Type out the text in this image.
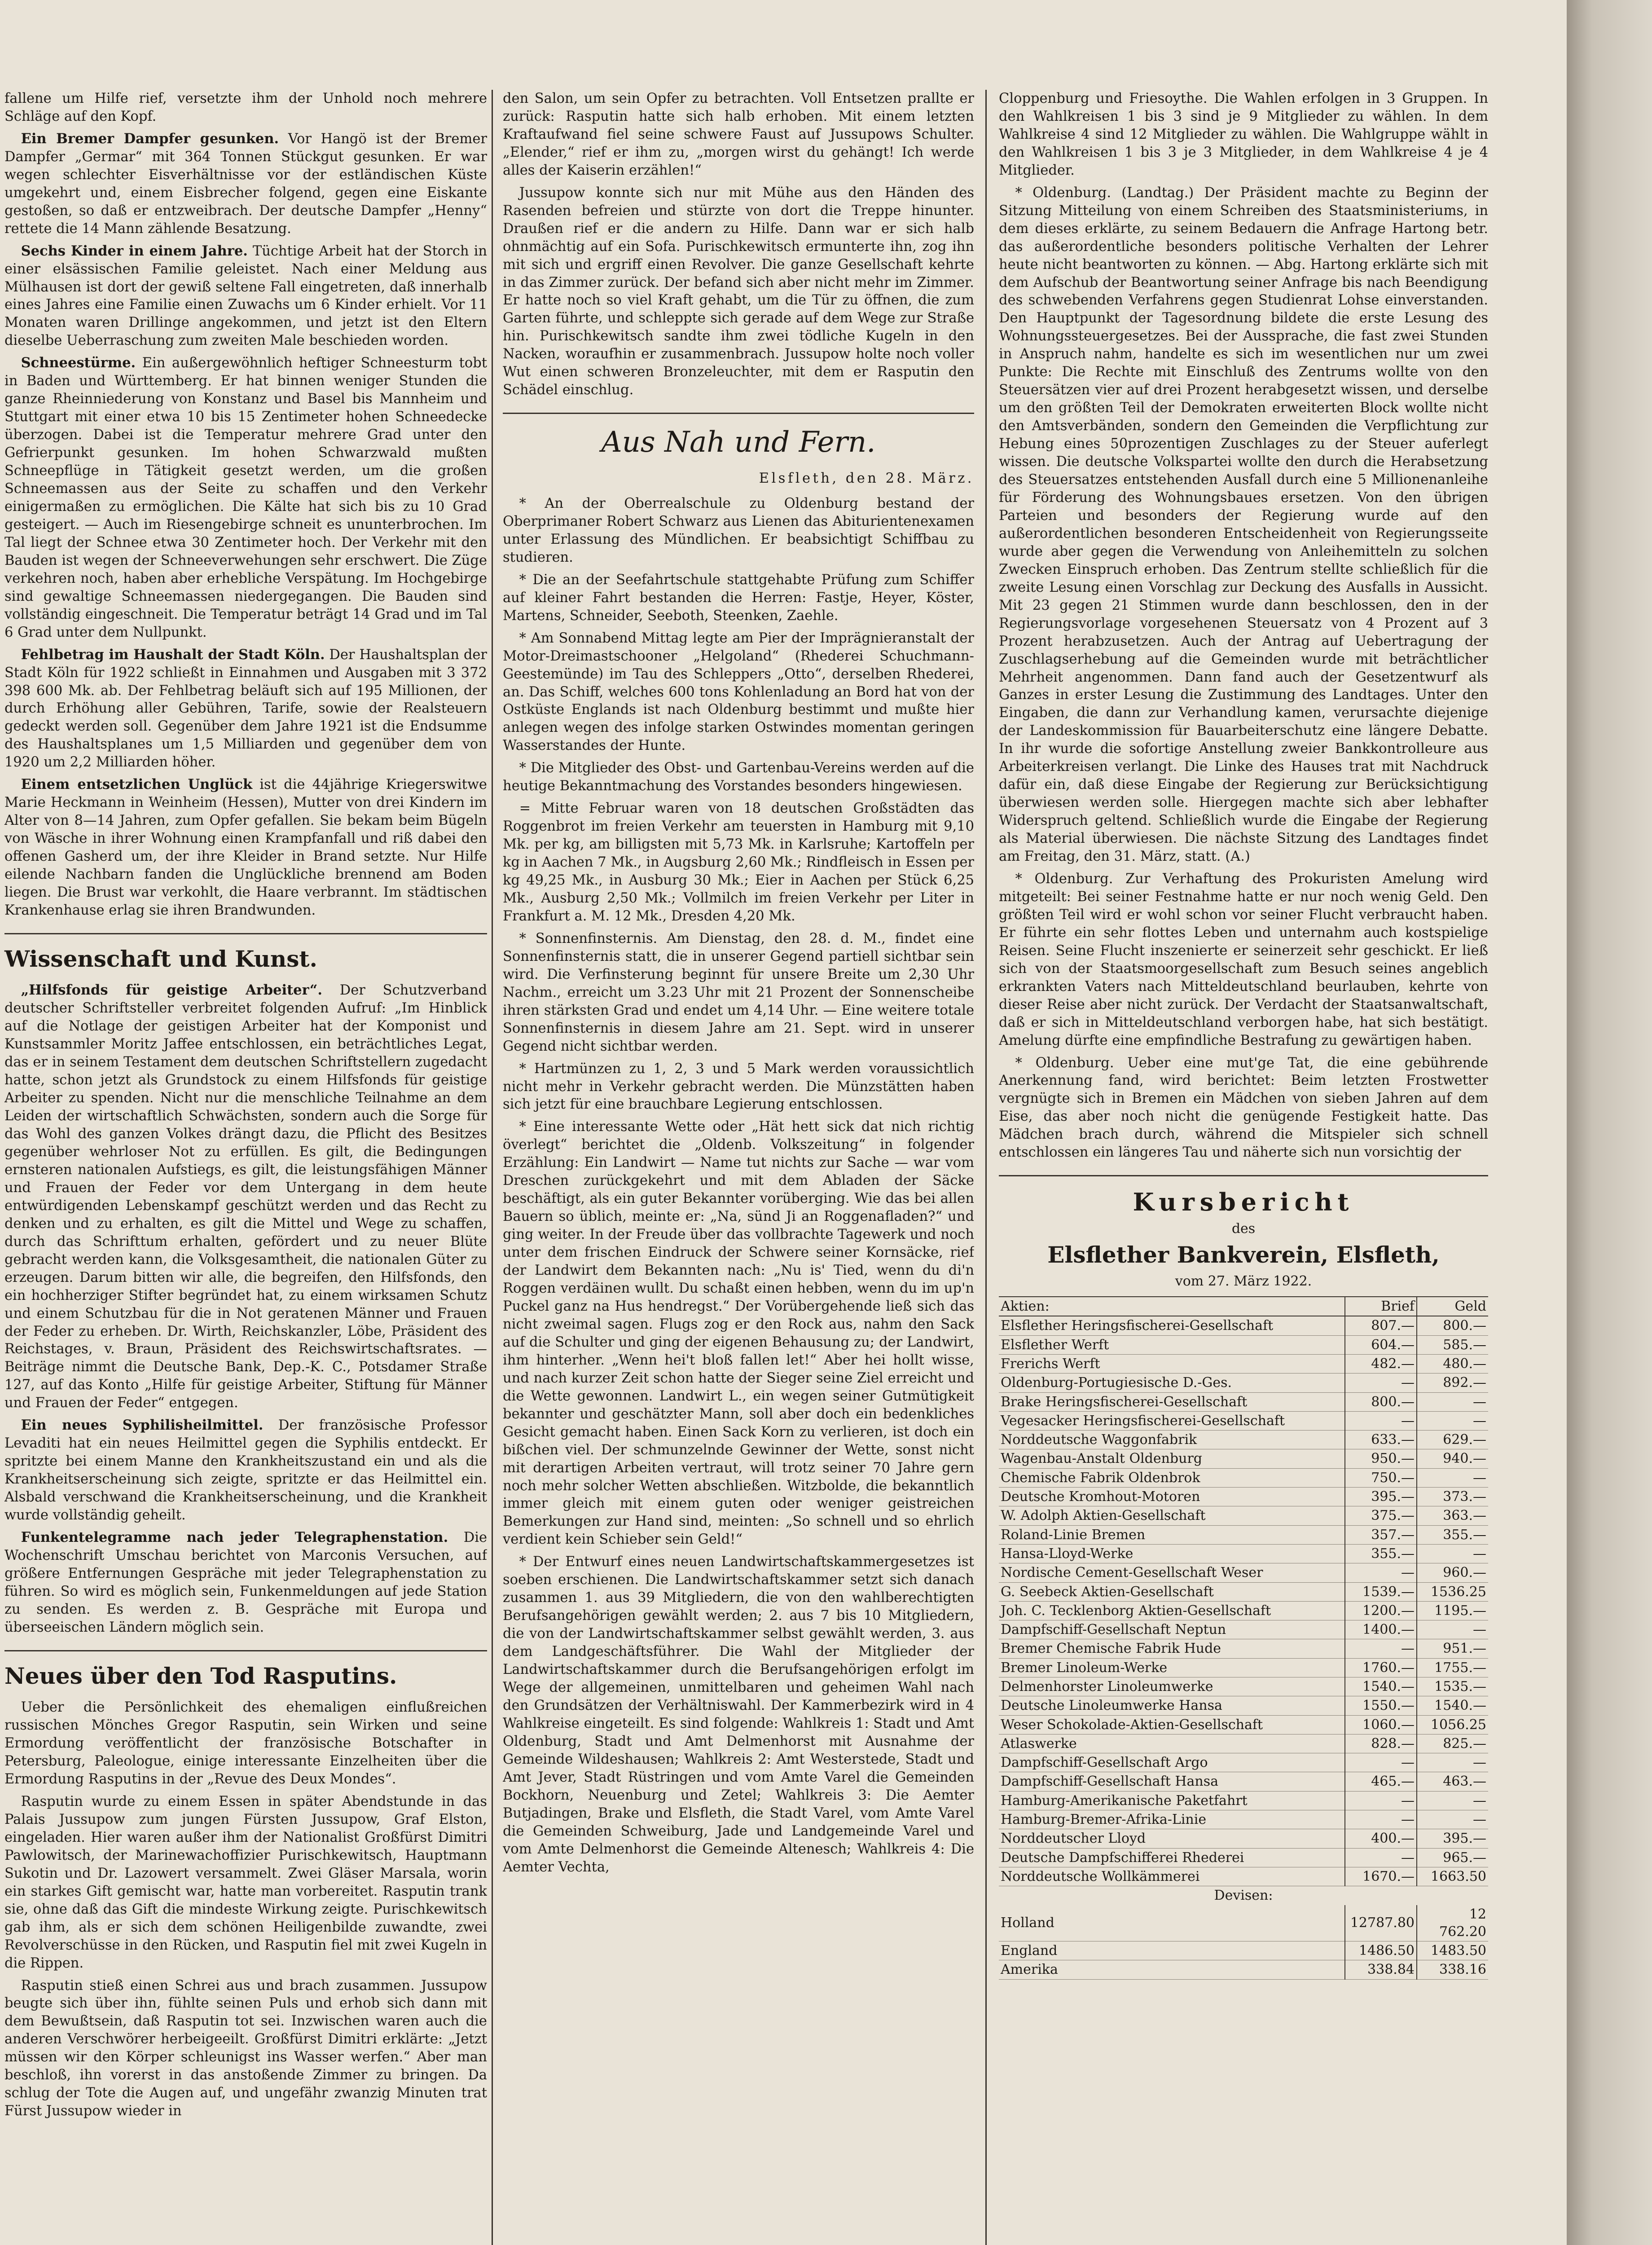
fallene um Hilfe rief, versetzte ihm der Unhold noch mehrere Schläge auf den Kopf.

Ein Bremer Dampfer gesunken. Vor Hangö ist der Bremer Dampfer „Germar“ mit 364 Tonnen Stückgut gesunken. Er war wegen schlechter Eisverhältnisse vor der estländischen Küste umgekehrt und, einem Eisbrecher folgend, gegen eine Eiskante gestoßen, so daß er entzweibrach. Der deutsche Dampfer „Henny“ rettete die 14 Mann zählende Besatzung.

Sechs Kinder in einem Jahre. Tüchtige Arbeit hat der Storch in einer elsässischen Familie geleistet. Nach einer Meldung aus Mülhausen ist dort der gewiß seltene Fall eingetreten, daß innerhalb eines Jahres eine Familie einen Zuwachs um 6 Kinder erhielt. Vor 11 Monaten waren Drillinge angekommen, und jetzt ist den Eltern dieselbe Ueberraschung zum zweiten Male beschieden worden.

Schneestürme. Ein außergewöhnlich heftiger Schneesturm tobt in Baden und Württemberg. Er hat binnen weniger Stunden die ganze Rheinniederung von Konstanz und Basel bis Mannheim und Stuttgart mit einer etwa 10 bis 15 Zentimeter hohen Schneedecke überzogen. Dabei ist die Temperatur mehrere Grad unter den Gefrierpunkt gesunken. Im hohen Schwarzwald mußten Schneepflüge in Tätigkeit gesetzt werden, um die großen Schneemassen aus der Seite zu schaffen und den Verkehr einigermaßen zu ermöglichen. Die Kälte hat sich bis zu 10 Grad gesteigert. — Auch im Riesengebirge schneit es ununterbrochen. Im Tal liegt der Schnee etwa 30 Zentimeter hoch. Der Verkehr mit den Bauden ist wegen der Schneeverwehungen sehr erschwert. Die Züge verkehren noch, haben aber erhebliche Verspätung. Im Hochgebirge sind gewaltige Schneemassen niedergegangen. Die Bauden sind vollständig eingeschneit. Die Temperatur beträgt 14 Grad und im Tal 6 Grad unter dem Nullpunkt.

Fehlbetrag im Haushalt der Stadt Köln. Der Haushaltsplan der Stadt Köln für 1922 schließt in Einnahmen und Ausgaben mit 3 372 398 600 Mk. ab. Der Fehlbetrag beläuft sich auf 195 Millionen, der durch Erhöhung aller Gebühren, Tarife, sowie der Realsteuern gedeckt werden soll. Gegenüber dem Jahre 1921 ist die Endsumme des Haushaltsplanes um 1,5 Milliarden und gegenüber dem von 1920 um 2,2 Milliarden höher.

Einem entsetzlichen Unglück ist die 44jährige Kriegerswitwe Marie Heckmann in Weinheim (Hessen), Mutter von drei Kindern im Alter von 8—14 Jahren, zum Opfer gefallen. Sie bekam beim Bügeln von Wäsche in ihrer Wohnung einen Krampfanfall und riß dabei den offenen Gasherd um, der ihre Kleider in Brand setzte. Nur Hilfe eilende Nachbarn fanden die Unglückliche brennend am Boden liegen. Die Brust war verkohlt, die Haare verbrannt. Im städtischen Krankenhause erlag sie ihren Brandwunden.

Wissenschaft und Kunst.

„Hilfsfonds für geistige Arbeiter“. Der Schutzverband deutscher Schriftsteller verbreitet folgenden Aufruf: „Im Hinblick auf die Notlage der geistigen Arbeiter hat der Komponist und Kunstsammler Moritz Jaffee entschlossen, ein beträchtliches Legat, das er in seinem Testament dem deutschen Schriftstellern zugedacht hatte, schon jetzt als Grundstock zu einem Hilfsfonds für geistige Arbeiter zu spenden. Nicht nur die menschliche Teilnahme an dem Leiden der wirtschaftlich Schwächsten, sondern auch die Sorge für das Wohl des ganzen Volkes drängt dazu, die Pflicht des Besitzes gegenüber wehrloser Not zu erfüllen. Es gilt, die Bedingungen ernsteren nationalen Aufstiegs, es gilt, die leistungsfähigen Männer und Frauen der Feder vor dem Untergang in dem heute entwürdigenden Lebenskampf geschützt werden und das Recht zu denken und zu erhalten, es gilt die Mittel und Wege zu schaffen, durch das Schrifttum erhalten, gefördert und zu neuer Blüte gebracht werden kann, die Volksgesamtheit, die nationalen Güter zu erzeugen. Darum bitten wir alle, die begreifen, den Hilfsfonds, den ein hochherziger Stifter begründet hat, zu einem wirksamen Schutz und einem Schutzbau für die in Not geratenen Männer und Frauen der Feder zu erheben. Dr. Wirth, Reichskanzler, Löbe, Präsident des Reichstages, v. Braun, Präsident des Reichswirtschaftsrates. — Beiträge nimmt die Deutsche Bank, Dep.-K. C., Potsdamer Straße 127, auf das Konto „Hilfe für geistige Arbeiter, Stiftung für Männer und Frauen der Feder“ entgegen.

Ein neues Syphilisheilmittel. Der französische Professor Levaditi hat ein neues Heilmittel gegen die Syphilis entdeckt. Er spritzte bei einem Manne den Krankheitszustand ein und als die Krankheitserscheinung sich zeigte, spritzte er das Heilmittel ein. Alsbald verschwand die Krankheitserscheinung, und die Krankheit wurde vollständig geheilt.

Funkentelegramme nach jeder Telegraphenstation. Die Wochenschrift Umschau berichtet von Marconis Versuchen, auf größere Entfernungen Gespräche mit jeder Telegraphenstation zu führen. So wird es möglich sein, Funkenmeldungen auf jede Station zu senden. Es werden z. B. Gespräche mit Europa und überseeischen Ländern möglich sein.

Neues über den Tod Rasputins.

Ueber die Persönlichkeit des ehemaligen einflußreichen russischen Mönches Gregor Rasputin, sein Wirken und seine Ermordung veröffentlicht der französische Botschafter in Petersburg, Paleologue, einige interessante Einzelheiten über die Ermordung Rasputins in der „Revue des Deux Mondes“.

Rasputin wurde zu einem Essen in später Abendstunde in das Palais Jussupow zum jungen Fürsten Jussupow, Graf Elston, eingeladen. Hier waren außer ihm der Nationalist Großfürst Dimitri Pawlowitsch, der Marinewachoffizier Purischkewitsch, Hauptmann Sukotin und Dr. Lazowert versammelt. Zwei Gläser Marsala, worin ein starkes Gift gemischt war, hatte man vorbereitet. Rasputin trank sie, ohne daß das Gift die mindeste Wirkung zeigte. Purischkewitsch gab ihm, als er sich dem schönen Heiligenbilde zuwandte, zwei Revolverschüsse in den Rücken, und Rasputin fiel mit zwei Kugeln in die Rippen.

Rasputin stieß einen Schrei aus und brach zusammen. Jussupow beugte sich über ihn, fühlte seinen Puls und erhob sich dann mit dem Bewußtsein, daß Rasputin tot sei. Inzwischen waren auch die anderen Verschwörer herbeigeeilt. Großfürst Dimitri erklärte: „Jetzt müssen wir den Körper schleunigst ins Wasser werfen.“ Aber man beschloß, ihn vorerst in das anstoßende Zimmer zu bringen. Da schlug der Tote die Augen auf, und ungefähr zwanzig Minuten trat Fürst Jussupow wieder in

den Salon, um sein Opfer zu betrachten. Voll Entsetzen prallte er zurück: Rasputin hatte sich halb erhoben. Mit einem letzten Kraftaufwand fiel seine schwere Faust auf Jussupows Schulter. „Elender,“ rief er ihm zu, „morgen wirst du gehängt! Ich werde alles der Kaiserin erzählen!“

Jussupow konnte sich nur mit Mühe aus den Händen des Rasenden befreien und stürzte von dort die Treppe hinunter. Draußen rief er die andern zu Hilfe. Dann war er sich halb ohnmächtig auf ein Sofa. Purischkewitsch ermunterte ihn, zog ihn mit sich und ergriff einen Revolver. Die ganze Gesellschaft kehrte in das Zimmer zurück. Der befand sich aber nicht mehr im Zimmer. Er hatte noch so viel Kraft gehabt, um die Tür zu öffnen, die zum Garten führte, und schleppte sich gerade auf dem Wege zur Straße hin. Purischkewitsch sandte ihm zwei tödliche Kugeln in den Nacken, woraufhin er zusammenbrach. Jussupow holte noch voller Wut einen schweren Bronzeleuchter, mit dem er Rasputin den Schädel einschlug.

Aus Nah und Fern.
Elsfleth, den 28. März.

* An der Oberrealschule zu Oldenburg bestand der Oberprimaner Robert Schwarz aus Lienen das Abiturientenexamen unter Erlassung des Mündlichen. Er beabsichtigt Schiffbau zu studieren.

* Die an der Seefahrtschule stattgehabte Prüfung zum Schiffer auf kleiner Fahrt bestanden die Herren: Fastje, Heyer, Köster, Martens, Schneider, Seeboth, Steenken, Zaehle.

* Am Sonnabend Mittag legte am Pier der Imprägnieranstalt der Motor-Dreimastschooner „Helgoland“ (Rhederei Schuchmann-Geestemünde) im Tau des Schleppers „Otto“, derselben Rhederei, an. Das Schiff, welches 600 tons Kohlenladung an Bord hat von der Ostküste Englands ist nach Oldenburg bestimmt und mußte hier anlegen wegen des infolge starken Ostwindes momentan geringen Wasserstandes der Hunte.

* Die Mitglieder des Obst- und Gartenbau-Vereins werden auf die heutige Bekanntmachung des Vorstandes besonders hingewiesen.

= Mitte Februar waren von 18 deutschen Großstädten das Roggenbrot im freien Verkehr am teuersten in Hamburg mit 9,10 Mk. per kg, am billigsten mit 5,73 Mk. in Karlsruhe; Kartoffeln per kg in Aachen 7 Mk., in Augsburg 2,60 Mk.; Rindfleisch in Essen per kg 49,25 Mk., in Ausburg 30 Mk.; Eier in Aachen per Stück 6,25 Mk., Ausburg 2,50 Mk.; Vollmilch im freien Verkehr per Liter in Frankfurt a. M. 12 Mk., Dresden 4,20 Mk.

* Sonnenfinsternis. Am Dienstag, den 28. d. M., findet eine Sonnenfinsternis statt, die in unserer Gegend partiell sichtbar sein wird. Die Verfinsterung beginnt für unsere Breite um 2,30 Uhr Nachm., erreicht um 3.23 Uhr mit 21 Prozent der Sonnenscheibe ihren stärksten Grad und endet um 4,14 Uhr. — Eine weitere totale Sonnenfinsternis in diesem Jahre am 21. Sept. wird in unserer Gegend nicht sichtbar werden.

* Hartmünzen zu 1, 2, 3 und 5 Mark werden voraussichtlich nicht mehr in Verkehr gebracht werden. Die Münzstätten haben sich jetzt für eine brauchbare Legierung entschlossen.

* Eine interessante Wette oder „Hät hett sick dat nich richtig överlegt“ berichtet die „Oldenb. Volkszeitung“ in folgender Erzählung: Ein Landwirt — Name tut nichts zur Sache — war vom Dreschen zurückgekehrt und mit dem Abladen der Säcke beschäftigt, als ein guter Bekannter vorüberging. Wie das bei allen Bauern so üblich, meinte er: „Na, sünd Ji an Roggenafladen?“ und ging weiter. In der Freude über das vollbrachte Tagewerk und noch unter dem frischen Eindruck der Schwere seiner Kornsäcke, rief der Landwirt dem Bekannten nach: „Nu is' Tied, wenn du di'n Roggen verdäinen wullt. Du schaßt einen hebben, wenn du im up'n Puckel ganz na Hus hendregst.“ Der Vorübergehende ließ sich das nicht zweimal sagen. Flugs zog er den Rock aus, nahm den Sack auf die Schulter und ging der eigenen Behausung zu; der Landwirt, ihm hinterher. „Wenn hei't bloß fallen let!“ Aber hei hollt wisse, und nach kurzer Zeit schon hatte der Sieger seine Ziel erreicht und die Wette gewonnen. Landwirt L., ein wegen seiner Gutmütigkeit bekannter und geschätzter Mann, soll aber doch ein bedenkliches Gesicht gemacht haben. Einen Sack Korn zu verlieren, ist doch ein bißchen viel. Der schmunzelnde Gewinner der Wette, sonst nicht mit derartigen Arbeiten vertraut, will trotz seiner 70 Jahre gern noch mehr solcher Wetten abschließen. Witzbolde, die bekanntlich immer gleich mit einem guten oder weniger geistreichen Bemerkungen zur Hand sind, meinten: „So schnell und so ehrlich verdient kein Schieber sein Geld!“

* Der Entwurf eines neuen Landwirtschaftskammergesetzes ist soeben erschienen. Die Landwirtschaftskammer setzt sich danach zusammen 1. aus 39 Mitgliedern, die von den wahlberechtigten Berufsangehörigen gewählt werden; 2. aus 7 bis 10 Mitgliedern, die von der Landwirtschaftskammer selbst gewählt werden, 3. aus dem Landgeschäftsführer. Die Wahl der Mitglieder der Landwirtschaftskammer durch die Berufsangehörigen erfolgt im Wege der allgemeinen, unmittelbaren und geheimen Wahl nach den Grundsätzen der Verhältniswahl. Der Kammerbezirk wird in 4 Wahlkreise eingeteilt. Es sind folgende: Wahlkreis 1: Stadt und Amt Oldenburg, Stadt und Amt Delmenhorst mit Ausnahme der Gemeinde Wildeshausen; Wahlkreis 2: Amt Westerstede, Stadt und Amt Jever, Stadt Rüstringen und vom Amte Varel die Gemeinden Bockhorn, Neuenburg und Zetel; Wahlkreis 3: Die Aemter Butjadingen, Brake und Elsfleth, die Stadt Varel, vom Amte Varel die Gemeinden Schweiburg, Jade und Landgemeinde Varel und vom Amte Delmenhorst die Gemeinde Altenesch; Wahlkreis 4: Die Aemter Vechta,

Cloppenburg und Friesoythe. Die Wahlen erfolgen in 3 Gruppen. In den Wahlkreisen 1 bis 3 sind je 9 Mitglieder zu wählen. In dem Wahlkreise 4 sind 12 Mitglieder zu wählen. Die Wahlgruppe wählt in den Wahlkreisen 1 bis 3 je 3 Mitglieder, in dem Wahlkreise 4 je 4 Mitglieder.

* Oldenburg. (Landtag.) Der Präsident machte zu Beginn der Sitzung Mitteilung von einem Schreiben des Staatsministeriums, in dem dieses erklärte, zu seinem Bedauern die Anfrage Hartong betr. das außerordentliche besonders politische Verhalten der Lehrer heute nicht beantworten zu können. — Abg. Hartong erklärte sich mit dem Aufschub der Beantwortung seiner Anfrage bis nach Beendigung des schwebenden Verfahrens gegen Studienrat Lohse einverstanden. Den Hauptpunkt der Tagesordnung bildete die erste Lesung des Wohnungssteuergesetzes. Bei der Aussprache, die fast zwei Stunden in Anspruch nahm, handelte es sich im wesentlichen nur um zwei Punkte: Die Rechte mit Einschluß des Zentrums wollte von den Steuersätzen vier auf drei Prozent herabgesetzt wissen, und derselbe um den größten Teil der Demokraten erweiterten Block wollte nicht den Amtsverbänden, sondern den Gemeinden die Verpflichtung zur Hebung eines 50prozentigen Zuschlages zu der Steuer auferlegt wissen. Die deutsche Volkspartei wollte den durch die Herabsetzung des Steuersatzes entstehenden Ausfall durch eine 5 Millionenanleihe für Förderung des Wohnungsbaues ersetzen. Von den übrigen Parteien und besonders der Regierung wurde auf den außerordentlichen besonderen Entscheidenheit von Regierungsseite wurde aber gegen die Verwendung von Anleihemitteln zu solchen Zwecken Einspruch erhoben. Das Zentrum stellte schließlich für die zweite Lesung einen Vorschlag zur Deckung des Ausfalls in Aussicht. Mit 23 gegen 21 Stimmen wurde dann beschlossen, den in der Regierungsvorlage vorgesehenen Steuersatz von 4 Prozent auf 3 Prozent herabzusetzen. Auch der Antrag auf Uebertragung der Zuschlagserhebung auf die Gemeinden wurde mit beträchtlicher Mehrheit angenommen. Dann fand auch der Gesetzentwurf als Ganzes in erster Lesung die Zustimmung des Landtages. Unter den Eingaben, die dann zur Verhandlung kamen, verursachte diejenige der Landeskommission für Bauarbeiterschutz eine längere Debatte. In ihr wurde die sofortige Anstellung zweier Bankkontrolleure aus Arbeiterkreisen verlangt. Die Linke des Hauses trat mit Nachdruck dafür ein, daß diese Eingabe der Regierung zur Berücksichtigung überwiesen werden solle. Hiergegen machte sich aber lebhafter Widerspruch geltend. Schließlich wurde die Eingabe der Regierung als Material überwiesen. Die nächste Sitzung des Landtages findet am Freitag, den 31. März, statt. (A.)

* Oldenburg. Zur Verhaftung des Prokuristen Amelung wird mitgeteilt: Bei seiner Festnahme hatte er nur noch wenig Geld. Den größten Teil wird er wohl schon vor seiner Flucht verbraucht haben. Er führte ein sehr flottes Leben und unternahm auch kostspielige Reisen. Seine Flucht inszenierte er seinerzeit sehr geschickt. Er ließ sich von der Staatsmoorgesellschaft zum Besuch seines angeblich erkrankten Vaters nach Mitteldeutschland beurlauben, kehrte von dieser Reise aber nicht zurück. Der Verdacht der Staatsanwaltschaft, daß er sich in Mitteldeutschland verborgen habe, hat sich bestätigt. Amelung dürfte eine empfindliche Bestrafung zu gewärtigen haben.

* Oldenburg. Ueber eine mut'ge Tat, die eine gebührende Anerkennung fand, wird berichtet: Beim letzten Frostwetter vergnügte sich in Bremen ein Mädchen von sieben Jahren auf dem Eise, das aber noch nicht die genügende Festigkeit hatte. Das Mädchen brach durch, während die Mitspieler sich schnell entschlossen ein längeres Tau und näherte sich nun vorsichtig der

Kursbericht
des
Elsflether Bankverein, Elsfleth,
vom 27. März 1922.
Aktien:	Brief	Geld
Elsflether Heringsfischerei-Gesellschaft	807.—	800.—
Elsflether Werft	604.—	585.—
Frerichs Werft	482.—	480.—
Oldenburg-Portugiesische D.-Ges.	—	892.—
Brake Heringsfischerei-Gesellschaft	800.—	—
Vegesacker Heringsfischerei-Gesellschaft	—	—
Norddeutsche Waggonfabrik	633.—	629.—
Wagenbau-Anstalt Oldenburg	950.—	940.—
Chemische Fabrik Oldenbrok	750.—	—
Deutsche Kromhout-Motoren	395.—	373.—
W. Adolph Aktien-Gesellschaft	375.—	363.—
Roland-Linie Bremen	357.—	355.—
Hansa-Lloyd-Werke	355.—	—
Nordische Cement-Gesellschaft Weser	—	960.—
G. Seebeck Aktien-Gesellschaft	1539.—	1536.25
Joh. C. Tecklenborg Aktien-Gesellschaft	1200.—	1195.—
Dampfschiff-Gesellschaft Neptun	1400.—	—
Bremer Chemische Fabrik Hude	—	951.—
Bremer Linoleum-Werke	1760.—	1755.—
Delmenhorster Linoleumwerke	1540.—	1535.—
Deutsche Linoleumwerke Hansa	1550.—	1540.—
Weser Schokolade-Aktien-Gesellschaft	1060.—	1056.25
Atlaswerke	828.—	825.—
Dampfschiff-Gesellschaft Argo	—	—
Dampfschiff-Gesellschaft Hansa	465.—	463.—
Hamburg-Amerikanische Paketfahrt	—	—
Hamburg-Bremer-Afrika-Linie	—	—
Norddeutscher Lloyd	400.—	395.—
Deutsche Dampfschifferei Rhederei	—	965.—
Norddeutsche Wollkämmerei	1670.—	1663.50
Devisen:		
Holland	12787.80	12 762.20
England	1486.50	1483.50
Amerika	338.84	338.16
